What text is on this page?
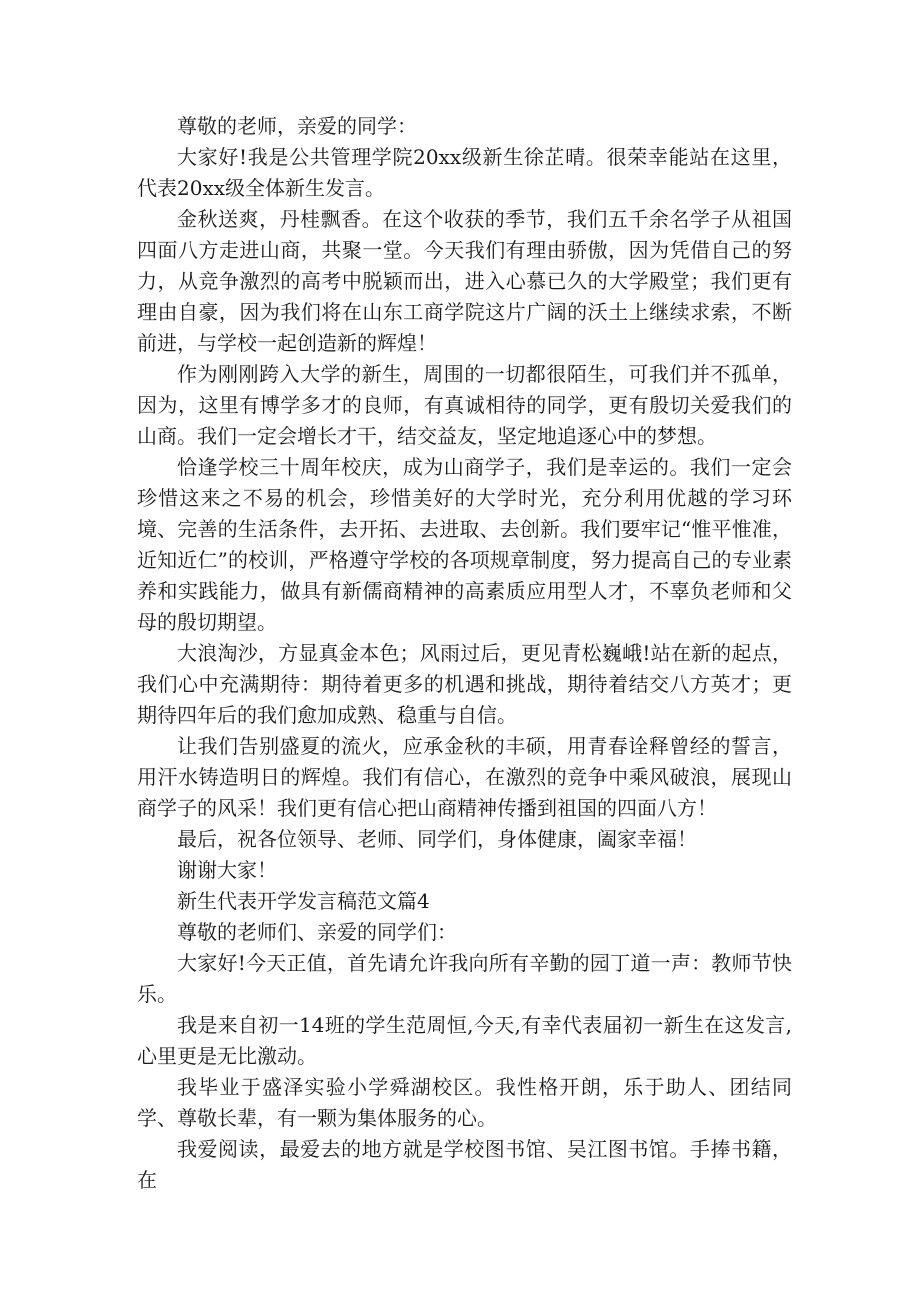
尊敬的老师，亲爱的同学：

大家好!我是公共管理学院20xx级新生徐芷晴。很荣幸能站在这里，代表20xx级全体新生发言。

金秋送爽，丹桂飘香。在这个收获的季节，我们五千余名学子从祖国四面八方走进山商，共聚一堂。今天我们有理由骄傲，因为凭借自己的努力，从竞争激烈的高考中脱颖而出，进入心慕已久的大学殿堂；我们更有理由自豪，因为我们将在山东工商学院这片广阔的沃土上继续求索，不断前进，与学校一起创造新的辉煌！

作为刚刚跨入大学的新生，周围的一切都很陌生，可我们并不孤单，因为，这里有博学多才的良师，有真诚相待的同学，更有殷切关爱我们的山商。我们一定会增长才干，结交益友，坚定地追逐心中的梦想。

恰逢学校三十周年校庆，成为山商学子，我们是幸运的。我们一定会珍惜这来之不易的机会，珍惜美好的大学时光，充分利用优越的学习环境、完善的生活条件，去开拓、去进取、去创新。我们要牢记“惟平惟准，近知近仁”的校训，严格遵守学校的各项规章制度，努力提高自己的专业素养和实践能力，做具有新儒商精神的高素质应用型人才，不辜负老师和父母的殷切期望。

大浪淘沙，方显真金本色；风雨过后，更见青松巍峨!站在新的起点，我们心中充满期待：期待着更多的机遇和挑战，期待着结交八方英才；更期待四年后的我们愈加成熟、稳重与自信。

让我们告别盛夏的流火，应承金秋的丰硕，用青春诠释曾经的誓言，用汗水铸造明日的辉煌。我们有信心，在激烈的竞争中乘风破浪，展现山商学子的风采！我们更有信心把山商精神传播到祖国的四面八方！

最后，祝各位领导、老师、同学们，身体健康，阖家幸福！

谢谢大家！

新生代表开学发言稿范文篇4

尊敬的老师们、亲爱的同学们：

大家好!今天正值，首先请允许我向所有辛勤的园丁道一声：教师节快乐。

我是来自初一14班的学生范周恒,今天,有幸代表届初一新生在这发言,心里更是无比激动。

我毕业于盛泽实验小学舜湖校区。我性格开朗，乐于助人、团结同学、尊敬长辈，有一颗为集体服务的心。

我爱阅读，最爱去的地方就是学校图书馆、吴江图书馆。手捧书籍，在
